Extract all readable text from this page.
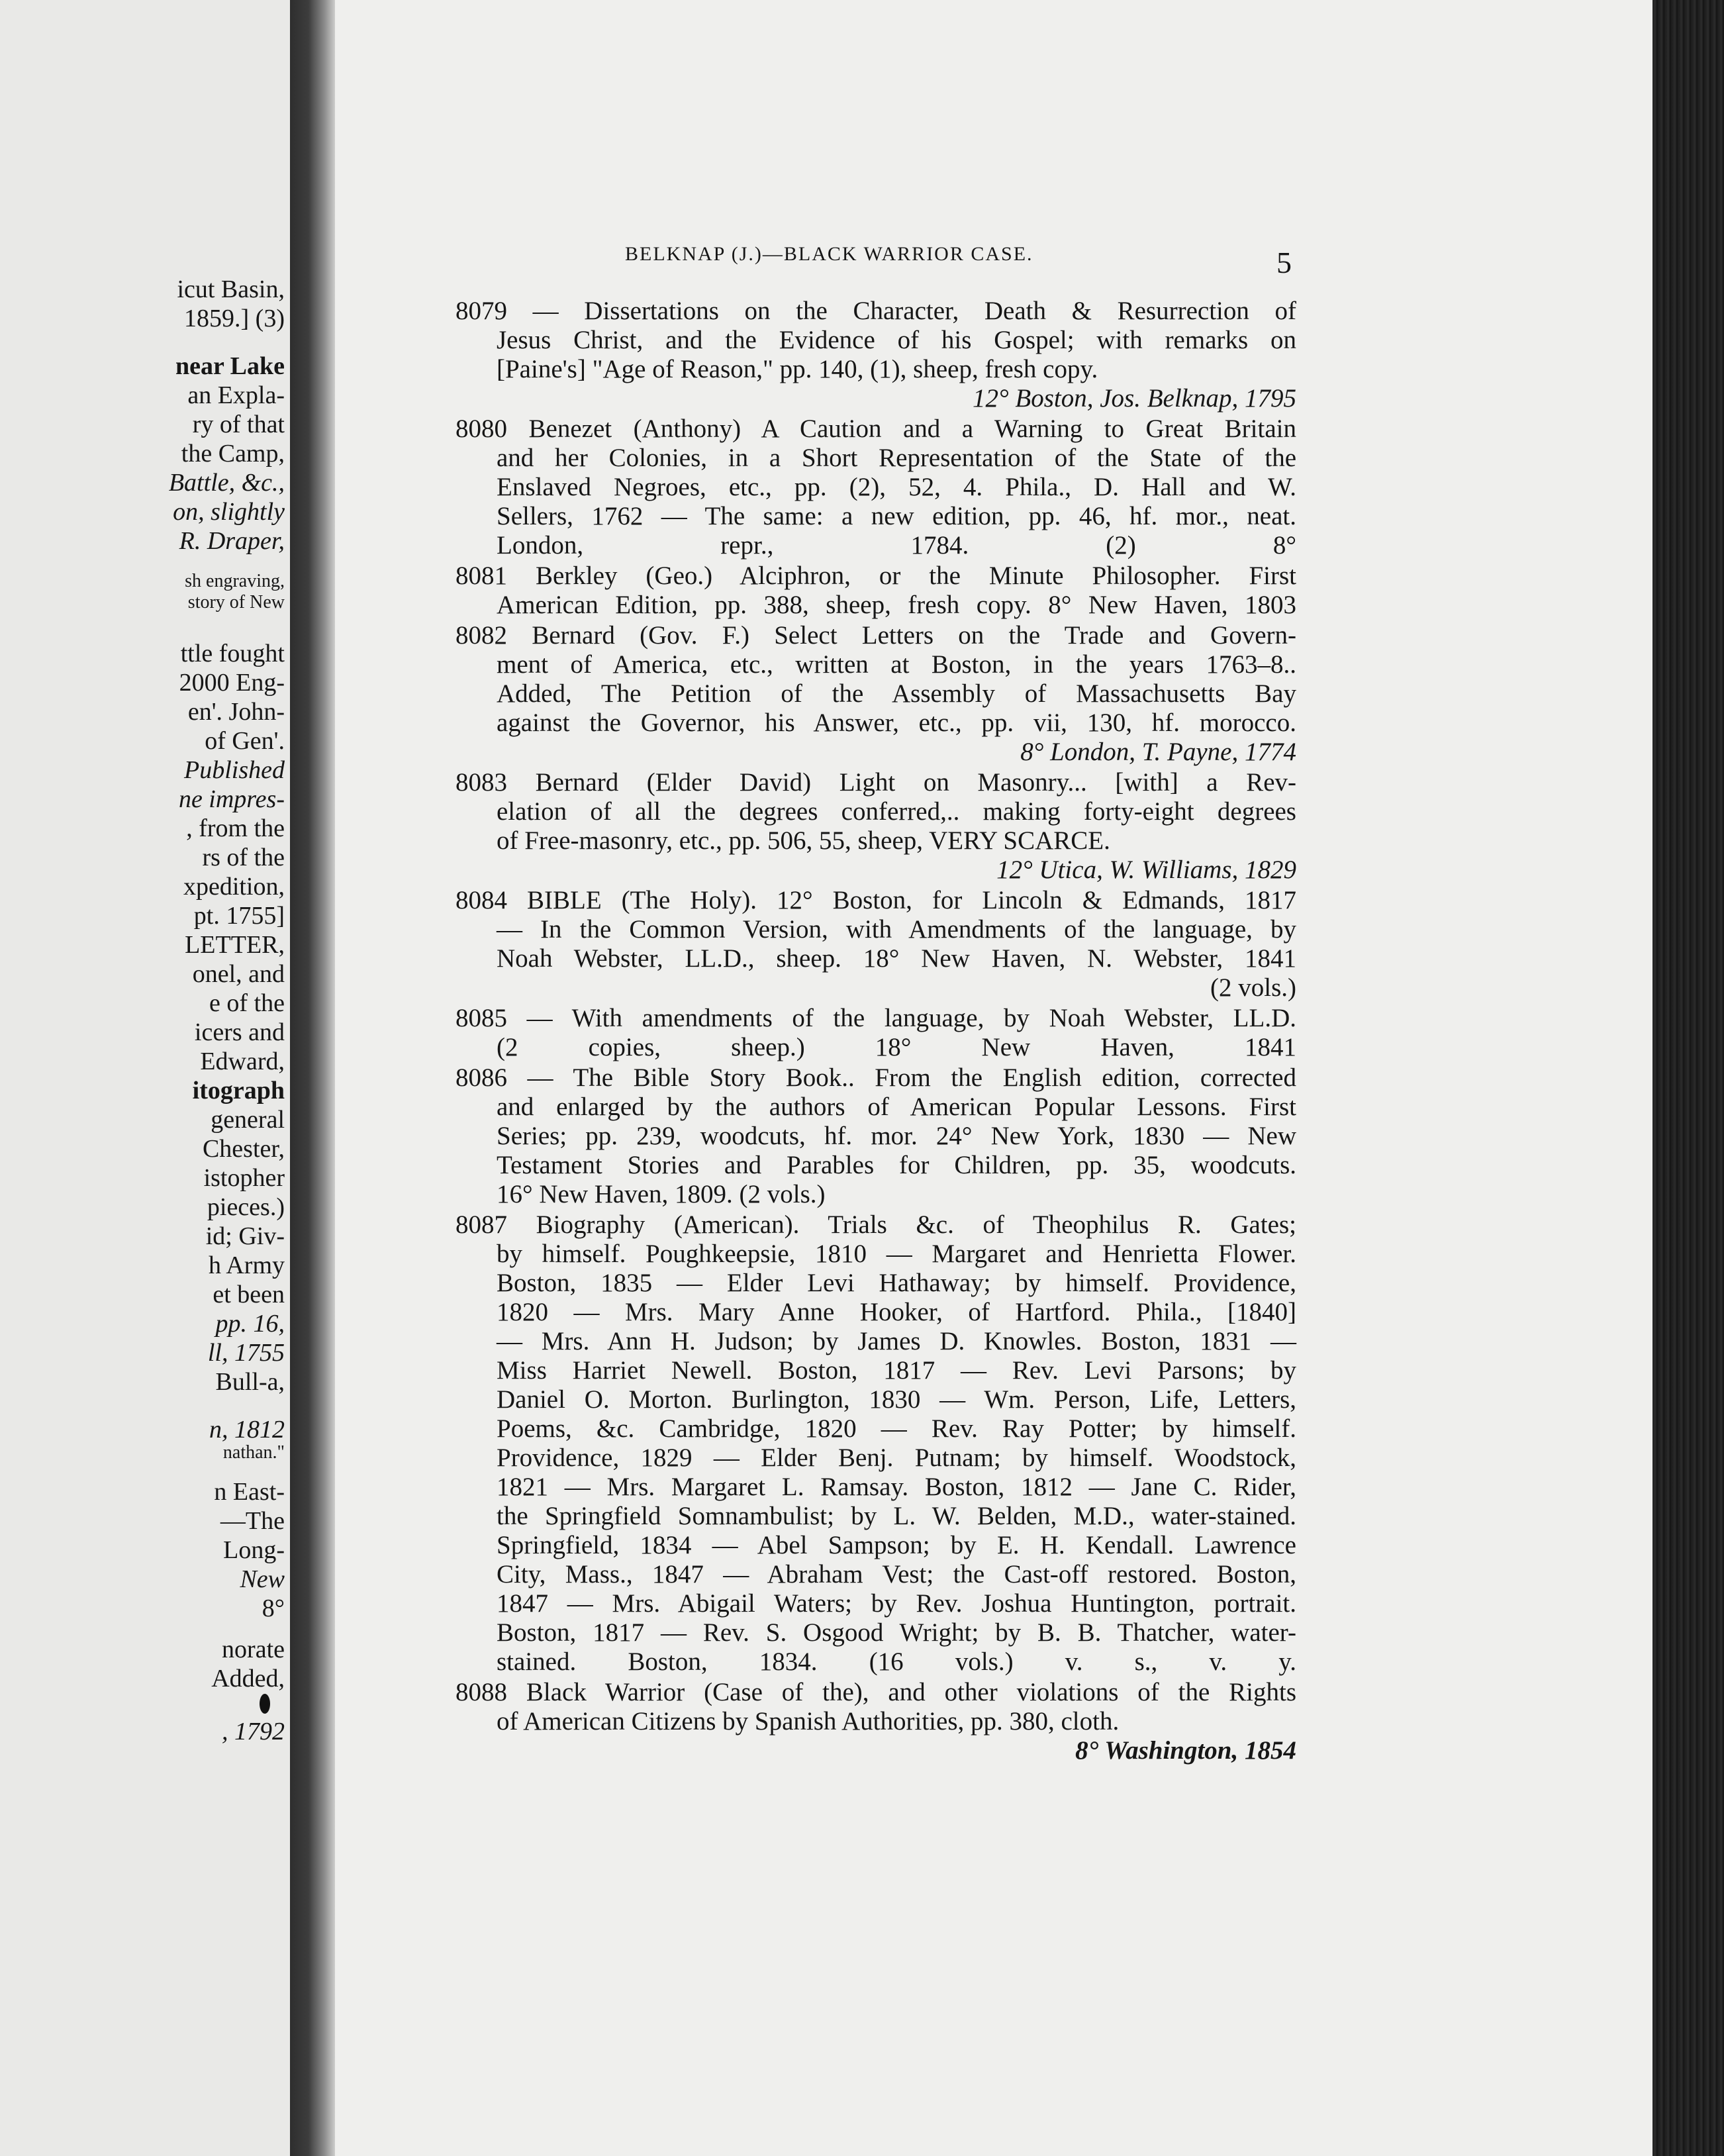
icut Basin,
1859.] (3)
near Lake
an Expla-
ry of that
the Camp,
Battle, &c.,
on, slightly
R. Draper,
sh engraving,
story of New
ttle fought
2000 Eng-
en'. John-
of Gen'.
Published
ne impres-
, from the
rs of the
xpedition,
pt. 1755]
LETTER,
onel, and
e of the
icers and
Edward,
itograph
general
Chester,
istopher
pieces.)
id; Giv-
h Army
et been
pp. 16,
ll, 1755
Bull-a,
n, 1812
nathan."
n East-
—The
Long-
New
8°
norate
Added,
, 1792
BELKNAP (J.)—BLACK WARRIOR CASE.	5
8079 — Dissertations on the Character, Death & Resurrection of
Jesus Christ, and the Evidence of his Gospel; with remarks on
[Paine's] "Age of Reason," pp. 140, (1), sheep, fresh copy.
12° Boston, Jos. Belknap, 1795
8080 Benezet (Anthony) A Caution and a Warning to Great Britain
and her Colonies, in a Short Representation of the State of the
Enslaved Negroes, etc., pp. (2), 52, 4. Phila., D. Hall and W.
Sellers, 1762 — The same: a new edition, pp. 46, hf. mor., neat.
London, repr., 1784. (2) 8°
8081 Berkley (Geo.) Alciphron, or the Minute Philosopher. First
American Edition, pp. 388, sheep, fresh copy. 8° New Haven, 1803
8082 Bernard (Gov. F.) Select Letters on the Trade and Govern-
ment of America, etc., written at Boston, in the years 1763–8..
Added, The Petition of the Assembly of Massachusetts Bay
against the Governor, his Answer, etc., pp. vii, 130, hf. morocco.
8° London, T. Payne, 1774
8083 Bernard (Elder David) Light on Masonry... [with] a Rev-
elation of all the degrees conferred,.. making forty-eight degrees
of Free-masonry, etc., pp. 506, 55, sheep, VERY SCARCE.
12° Utica, W. Williams, 1829
8084 BIBLE (The Holy). 12° Boston, for Lincoln & Edmands, 1817
— In the Common Version, with Amendments of the language, by
Noah Webster, LL.D., sheep. 18° New Haven, N. Webster, 1841
(2 vols.)
8085 — With amendments of the language, by Noah Webster, LL.D.
(2 copies, sheep.) 18° New Haven, 1841
8086 — The Bible Story Book.. From the English edition, corrected
and enlarged by the authors of American Popular Lessons. First
Series; pp. 239, woodcuts, hf. mor. 24° New York, 1830 — New
Testament Stories and Parables for Children, pp. 35, woodcuts.
16° New Haven, 1809. (2 vols.)
8087 Biography (American). Trials &c. of Theophilus R. Gates;
by himself. Poughkeepsie, 1810 — Margaret and Henrietta Flower.
Boston, 1835 — Elder Levi Hathaway; by himself. Providence,
1820 — Mrs. Mary Anne Hooker, of Hartford. Phila., [1840]
— Mrs. Ann H. Judson; by James D. Knowles. Boston, 1831 —
Miss Harriet Newell. Boston, 1817 — Rev. Levi Parsons; by
Daniel O. Morton. Burlington, 1830 — Wm. Person, Life, Letters,
Poems, &c. Cambridge, 1820 — Rev. Ray Potter; by himself.
Providence, 1829 — Elder Benj. Putnam; by himself. Woodstock,
1821 — Mrs. Margaret L. Ramsay. Boston, 1812 — Jane C. Rider,
the Springfield Somnambulist; by L. W. Belden, M.D., water-stained.
Springfield, 1834 — Abel Sampson; by E. H. Kendall. Lawrence
City, Mass., 1847 — Abraham Vest; the Cast-off restored. Boston,
1847 — Mrs. Abigail Waters; by Rev. Joshua Huntington, portrait.
Boston, 1817 — Rev. S. Osgood Wright; by B. B. Thatcher, water-
stained. Boston, 1834. (16 vols.) v. s., v. y.
8088 Black Warrior (Case of the), and other violations of the Rights
of American Citizens by Spanish Authorities, pp. 380, cloth.
8° Washington, 1854
